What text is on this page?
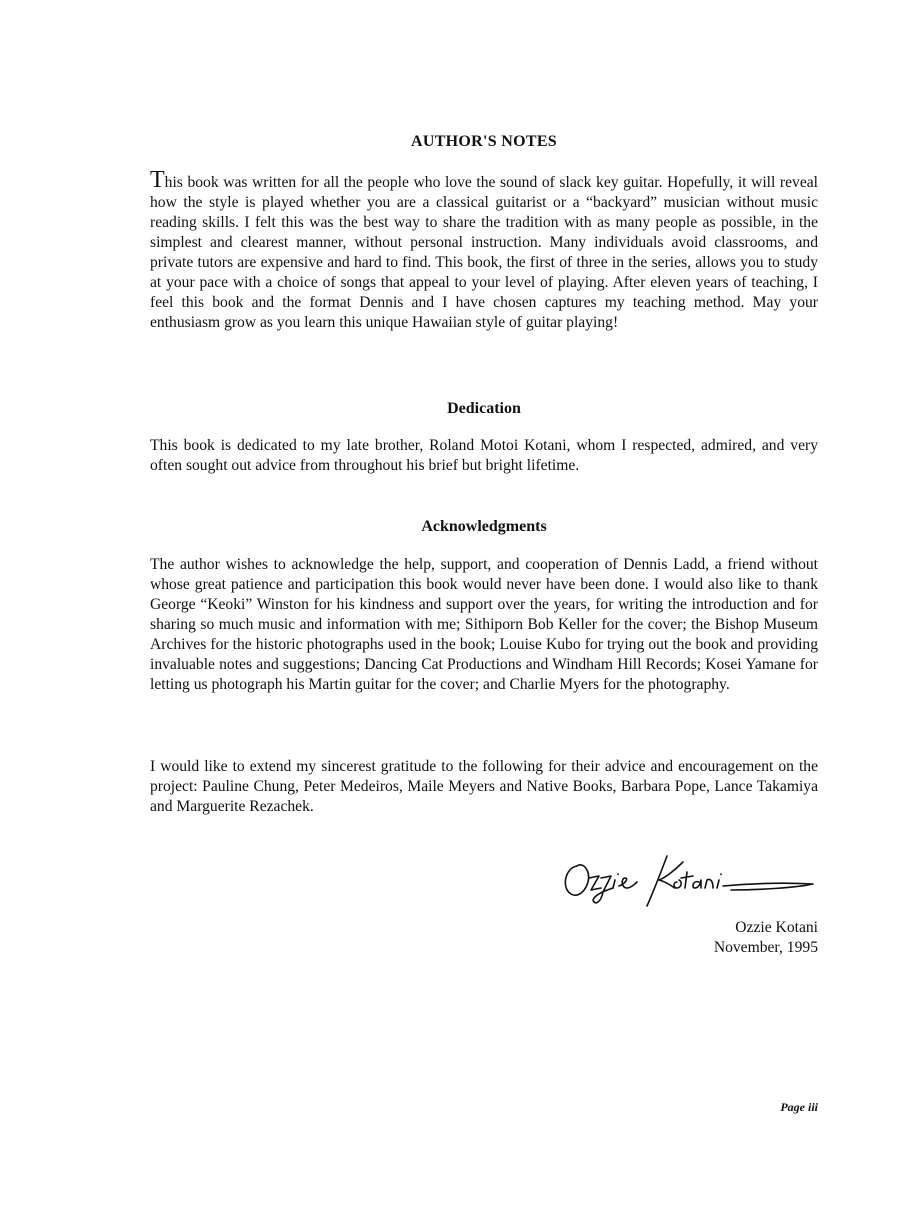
AUTHOR'S NOTES

This book was written for all the people who love the sound of slack key guitar. Hopefully, it will reveal how the style is played whether you are a classical guitarist or a “backyard” musician without music reading skills. I felt this was the best way to share the tradition with as many people as possible, in the simplest and clearest manner, without personal instruction. Many individuals avoid classrooms, and private tutors are expensive and hard to find. This book, the first of three in the series, allows you to study at your pace with a choice of songs that appeal to your level of playing. After eleven years of teaching, I feel this book and the format Dennis and I have chosen captures my teaching method. May your enthusiasm grow as you learn this unique Hawaiian style of guitar playing!

Dedication

This book is dedicated to my late brother, Roland Motoi Kotani, whom I respected, admired, and very often sought out advice from throughout his brief but bright lifetime.

Acknowledgments

The author wishes to acknowledge the help, support, and cooperation of Dennis Ladd, a friend without whose great patience and participation this book would never have been done. I would also like to thank George “Keoki” Winston for his kindness and support over the years, for writing the introduction and for sharing so much music and information with me; Sithiporn Bob Keller for the cover; the Bishop Museum Archives for the historic photographs used in the book; Louise Kubo for trying out the book and providing invaluable notes and suggestions; Dancing Cat Productions and Windham Hill Records; Kosei Yamane for letting us photograph his Martin guitar for the cover; and Charlie Myers for the photography.

I would like to extend my sincerest gratitude to the following for their advice and encouragement on the project: Pauline Chung, Peter Medeiros, Maile Meyers and Native Books, Barbara Pope, Lance Takamiya and Marguerite Rezachek.

Ozzie Kotani
November, 1995
Page iii
